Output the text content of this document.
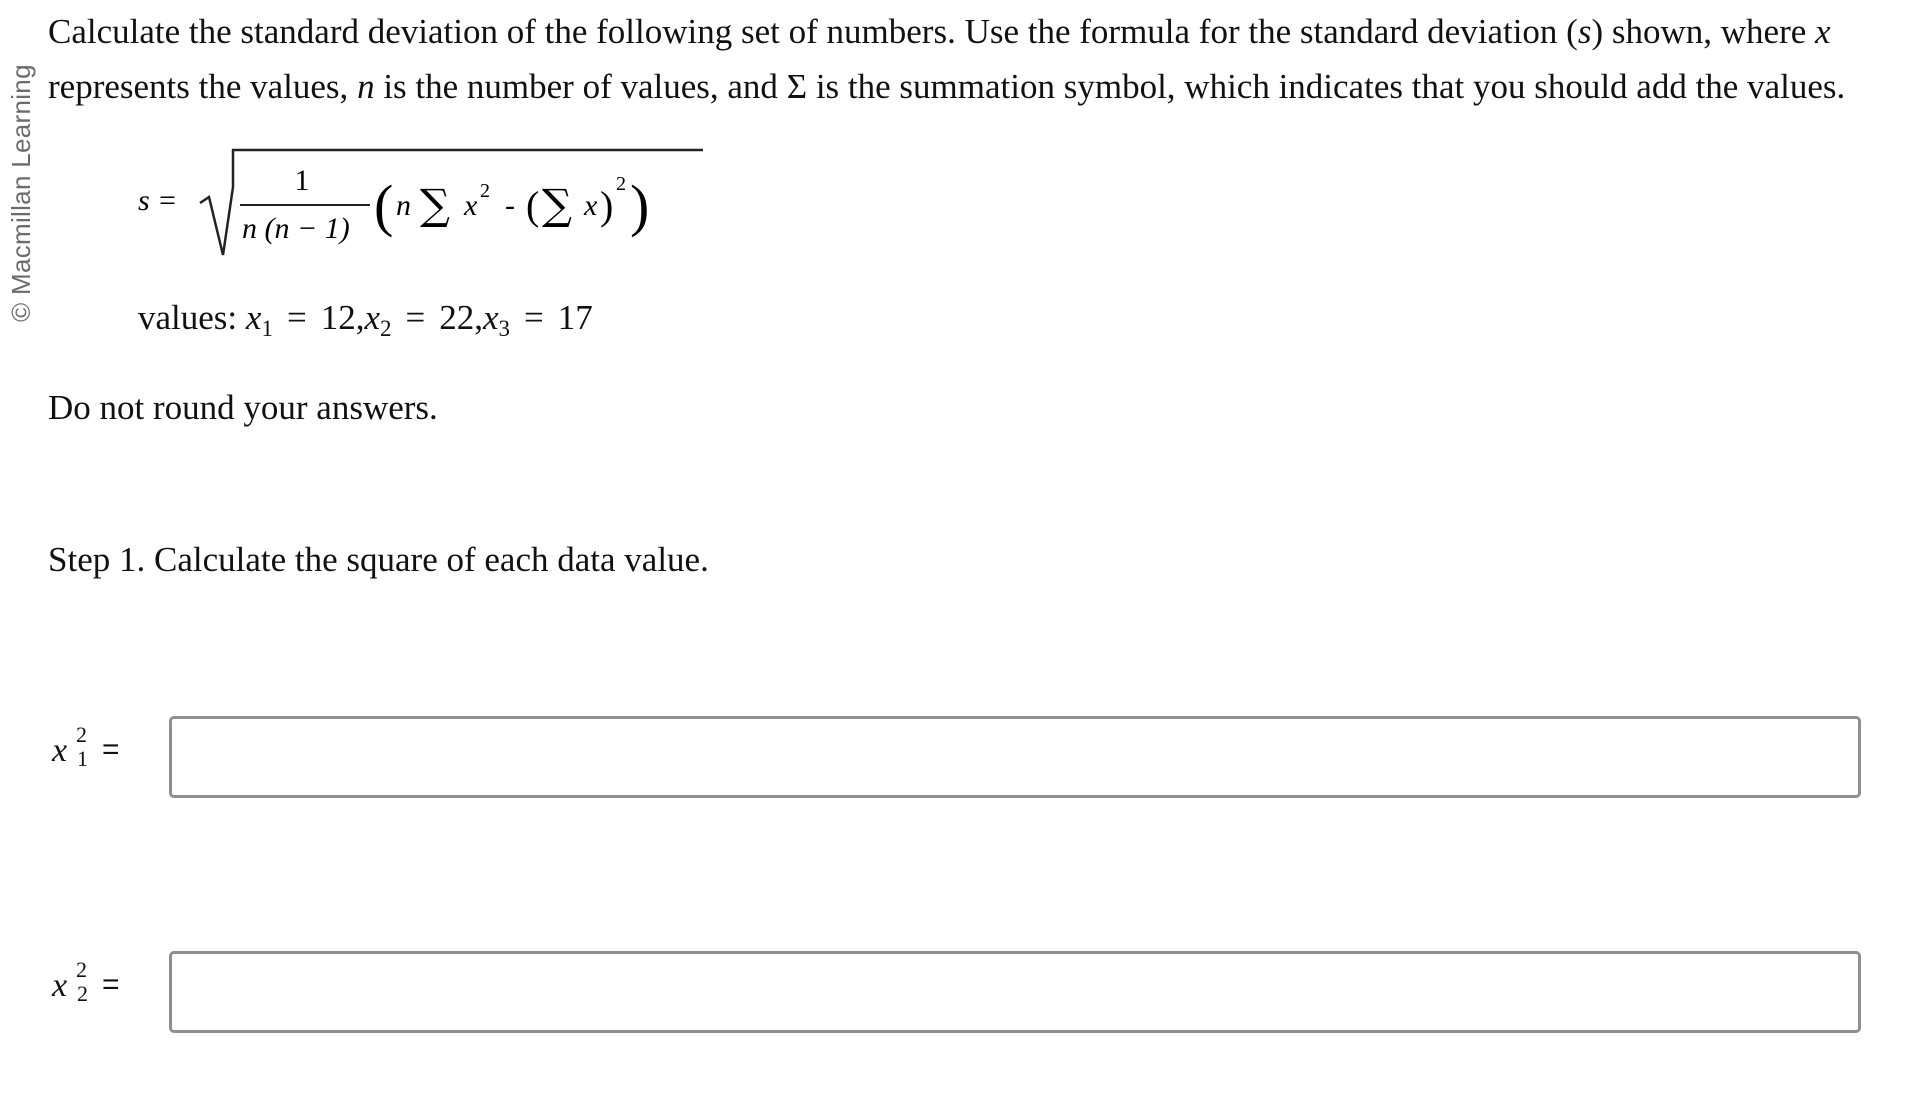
© Macmillan Learning
Calculate the standard deviation of the following set of numbers. Use the formula for the standard deviation (s) shown, where x represents the values, n is the number of values, and Σ is the summation symbol, which indicates that you should add the values.
s =
1
n (n − 1) ( n ∑ x 2 - ( ∑ x ) 2 )
values: $x_1 = 12,x_2 = 22,x_3 = 17$
Do not round your answers.
Step 1. Calculate the square of each data value.
x 2
1 =
x 2
2 =
